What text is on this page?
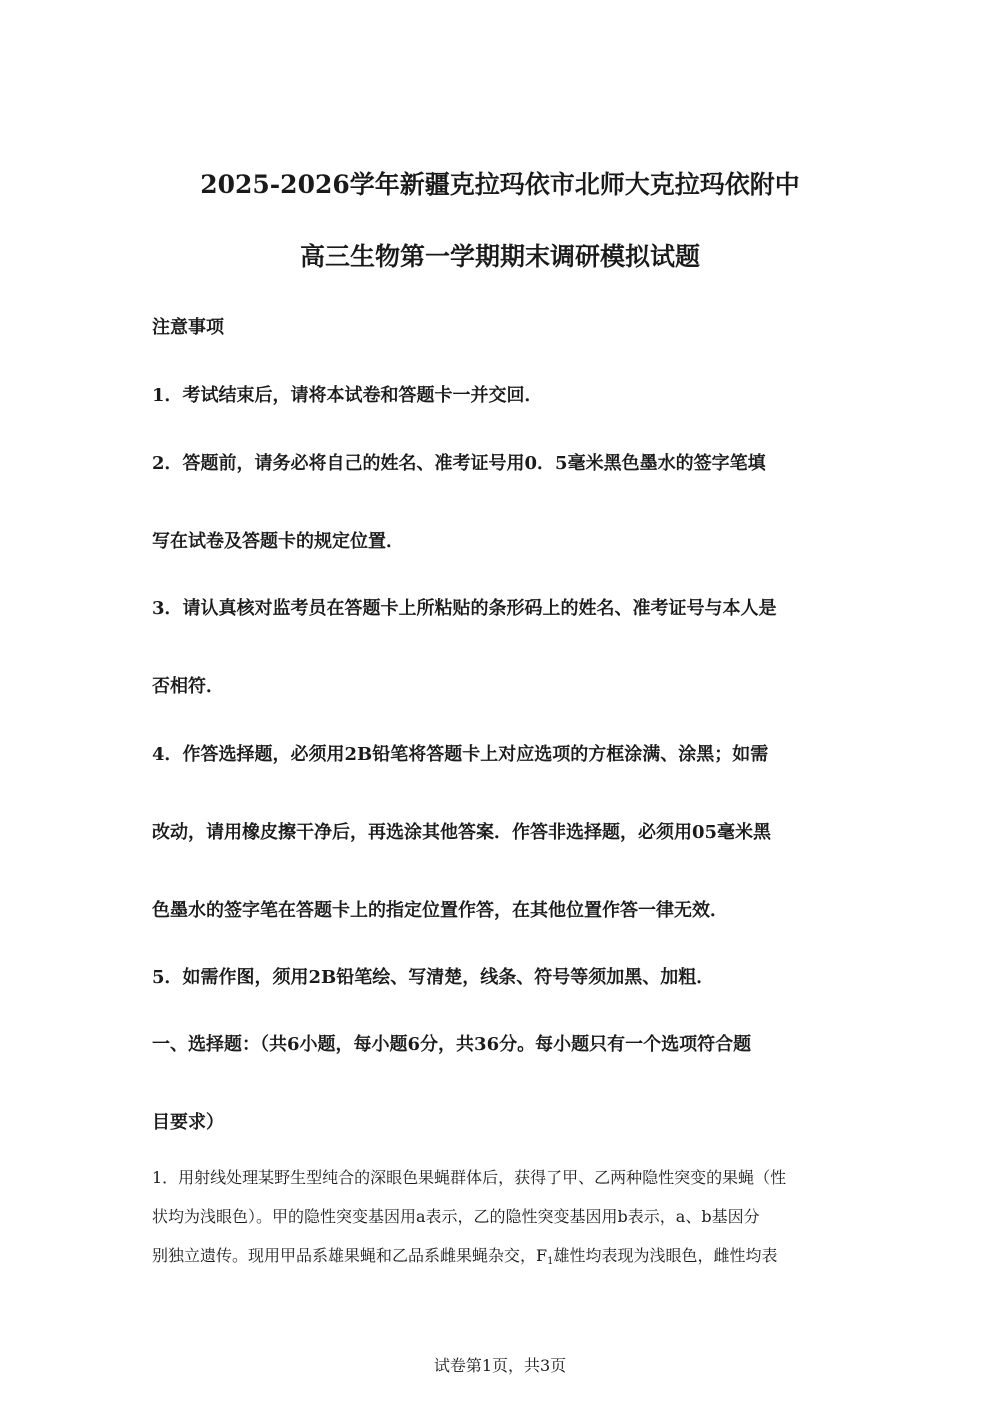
2025-2026学年新疆克拉玛依市北师大克拉玛依附中
高三生物第一学期期末调研模拟试题
注意事项
1．考试结束后，请将本试卷和答题卡一并交回．
2．答题前，请务必将自己的姓名、准考证号用0．5毫米黑色墨水的签字笔填
写在试卷及答题卡的规定位置．
3．请认真核对监考员在答题卡上所粘贴的条形码上的姓名、准考证号与本人是
否相符．
4．作答选择题，必须用2B铅笔将答题卡上对应选项的方框涂满、涂黑；如需
改动，请用橡皮擦干净后，再选涂其他答案．作答非选择题，必须用05毫米黑
色墨水的签字笔在答题卡上的指定位置作答，在其他位置作答一律无效．
5．如需作图，须用2B铅笔绘、写清楚，线条、符号等须加黑、加粗．
一、选择题：（共6小题，每小题6分，共36分。每小题只有一个选项符合题
目要求）
1．用射线处理某野生型纯合的深眼色果蝇群体后，获得了甲、乙两种隐性突变的果蝇（性
状均为浅眼色）。甲的隐性突变基因用a表示，乙的隐性突变基因用b表示，a、b基因分
别独立遗传。现用甲品系雄果蝇和乙品系雌果蝇杂交，$F_1$雄性均表现为浅眼色，雌性均表
试卷第1页，共3页
